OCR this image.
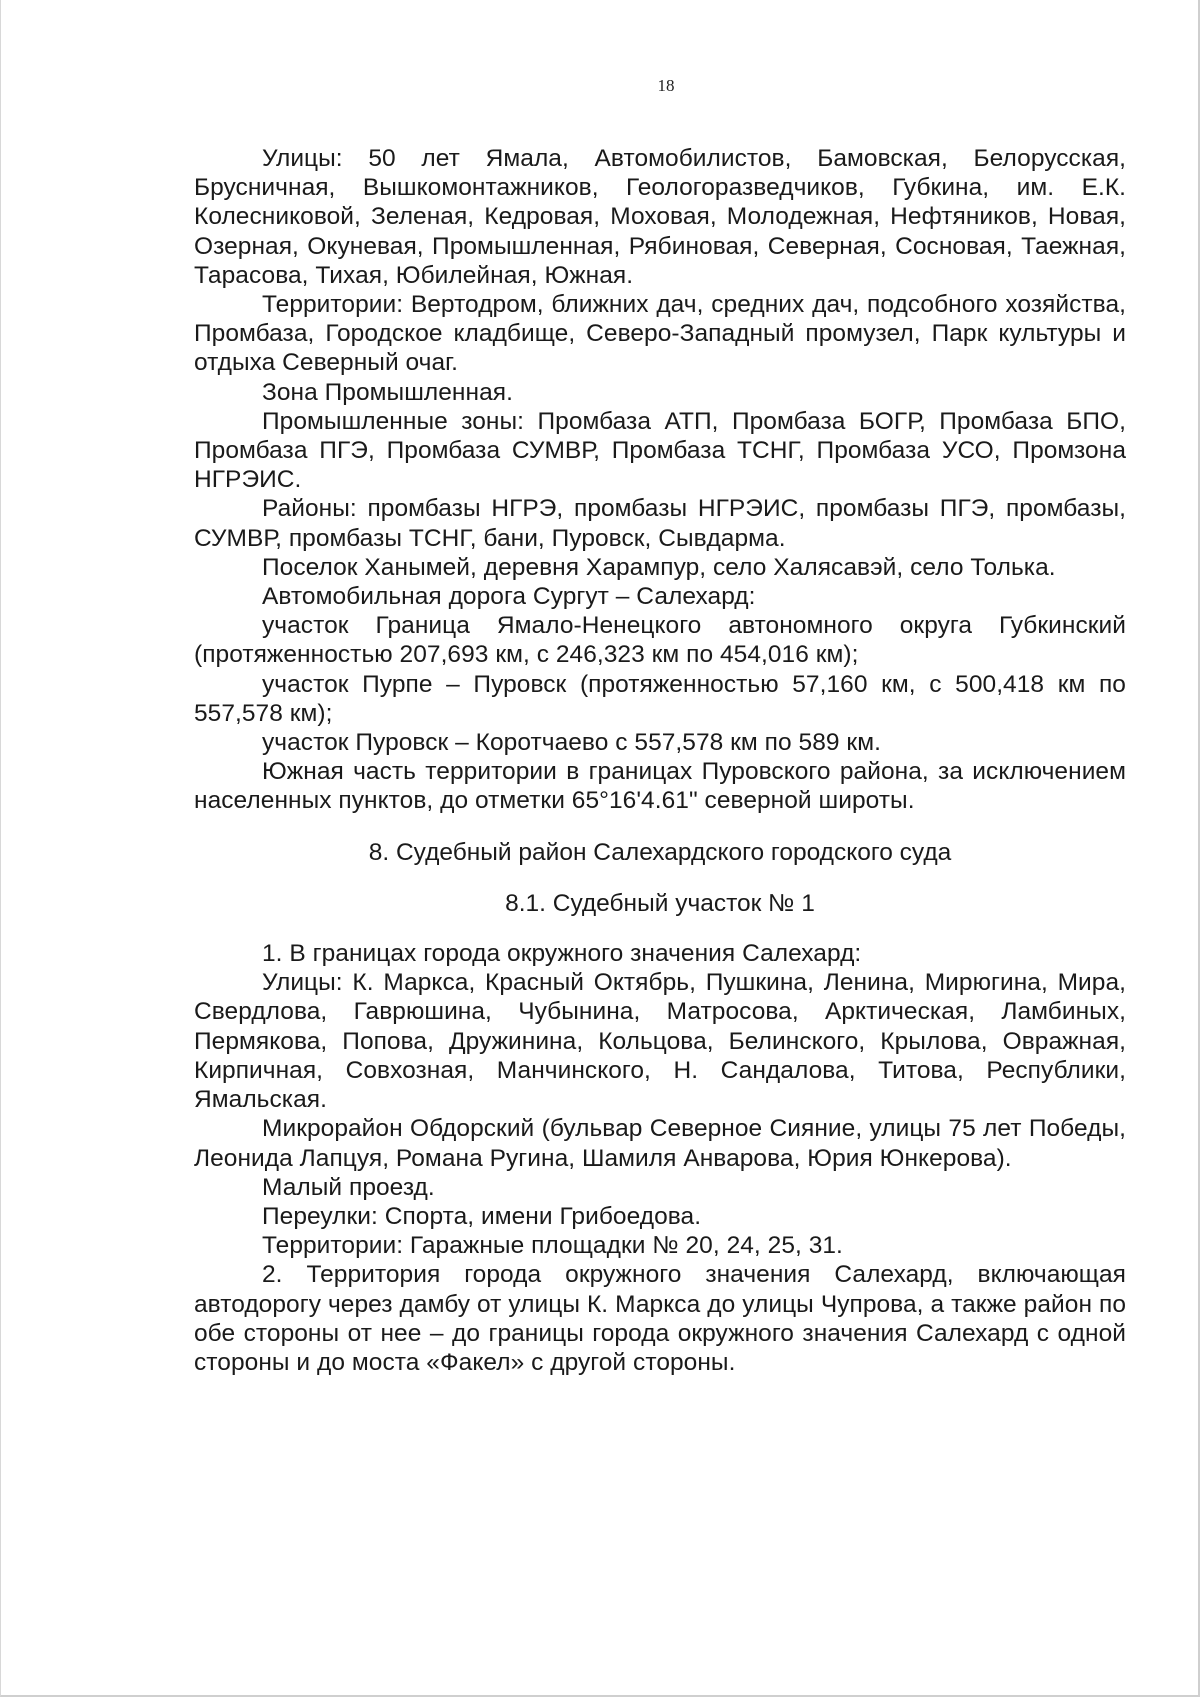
18

Улицы: 50 лет Ямала, Автомобилистов, Бамовская, Белорусская, Брусничная, Вышкомонтажников, Геологоразведчиков, Губкина, им. Е.К. Колесниковой, Зеленая, Кедровая, Моховая, Молодежная, Нефтяников, Новая, Озерная, Окуневая, Промышленная, Рябиновая, Северная, Сосновая, Таежная, Тарасова, Тихая, Юбилейная, Южная.

Территории: Вертодром, ближних дач, средних дач, подсобного хозяйства, Промбаза, Городское кладбище, Северо-Западный промузел, Парк культуры и отдыха Северный очаг.

Зона Промышленная.

Промышленные зоны: Промбаза АТП, Промбаза БОГР, Промбаза БПО, Промбаза ПГЭ, Промбаза СУМВР, Промбаза ТСНГ, Промбаза УСО, Промзона НГРЭИС.

Районы: промбазы НГРЭ, промбазы НГРЭИС, промбазы ПГЭ, промбазы, СУМВР, промбазы ТСНГ, бани, Пуровск, Сывдарма.

Поселок Ханымей, деревня Харампур, село Халясавэй, село Толька.

Автомобильная дорога Сургут – Салехард:

участок Граница Ямало-Ненецкого автономного округа Губкинский (протяженностью 207,693 км, с 246,323 км по 454,016 км);

участок Пурпе – Пуровск (протяженностью 57,160 км, с 500,418 км по 557,578 км);

участок Пуровск – Коротчаево с 557,578 км по 589 км.

Южная часть территории в границах Пуровского района, за исключением населенных пунктов, до отметки 65°16'4.61" северной широты.

8. Судебный район Салехардского городского суда

8.1. Судебный участок № 1

1. В границах города окружного значения Салехард:

Улицы: К. Маркса, Красный Октябрь, Пушкина, Ленина, Мирюгина, Мира, Свердлова, Гаврюшина, Чубынина, Матросова, Арктическая, Ламбиных, Пермякова, Попова, Дружинина, Кольцова, Белинского, Крылова, Овражная, Кирпичная, Совхозная, Манчинского, Н. Сандалова, Титова, Республики, Ямальская.

Микрорайон Обдорский (бульвар Северное Сияние, улицы 75 лет Победы, Леонида Лапцуя, Романа Ругина, Шамиля Анварова, Юрия Юнкерова).

Малый проезд.

Переулки: Спорта, имени Грибоедова.

Территории: Гаражные площадки № 20, 24, 25, 31.

2. Территория города окружного значения Салехард, включающая автодорогу через дамбу от улицы К. Маркса до улицы Чупрова, а также район по обе стороны от нее – до границы города окружного значения Салехард с одной стороны и до моста «Факел» с другой стороны.
